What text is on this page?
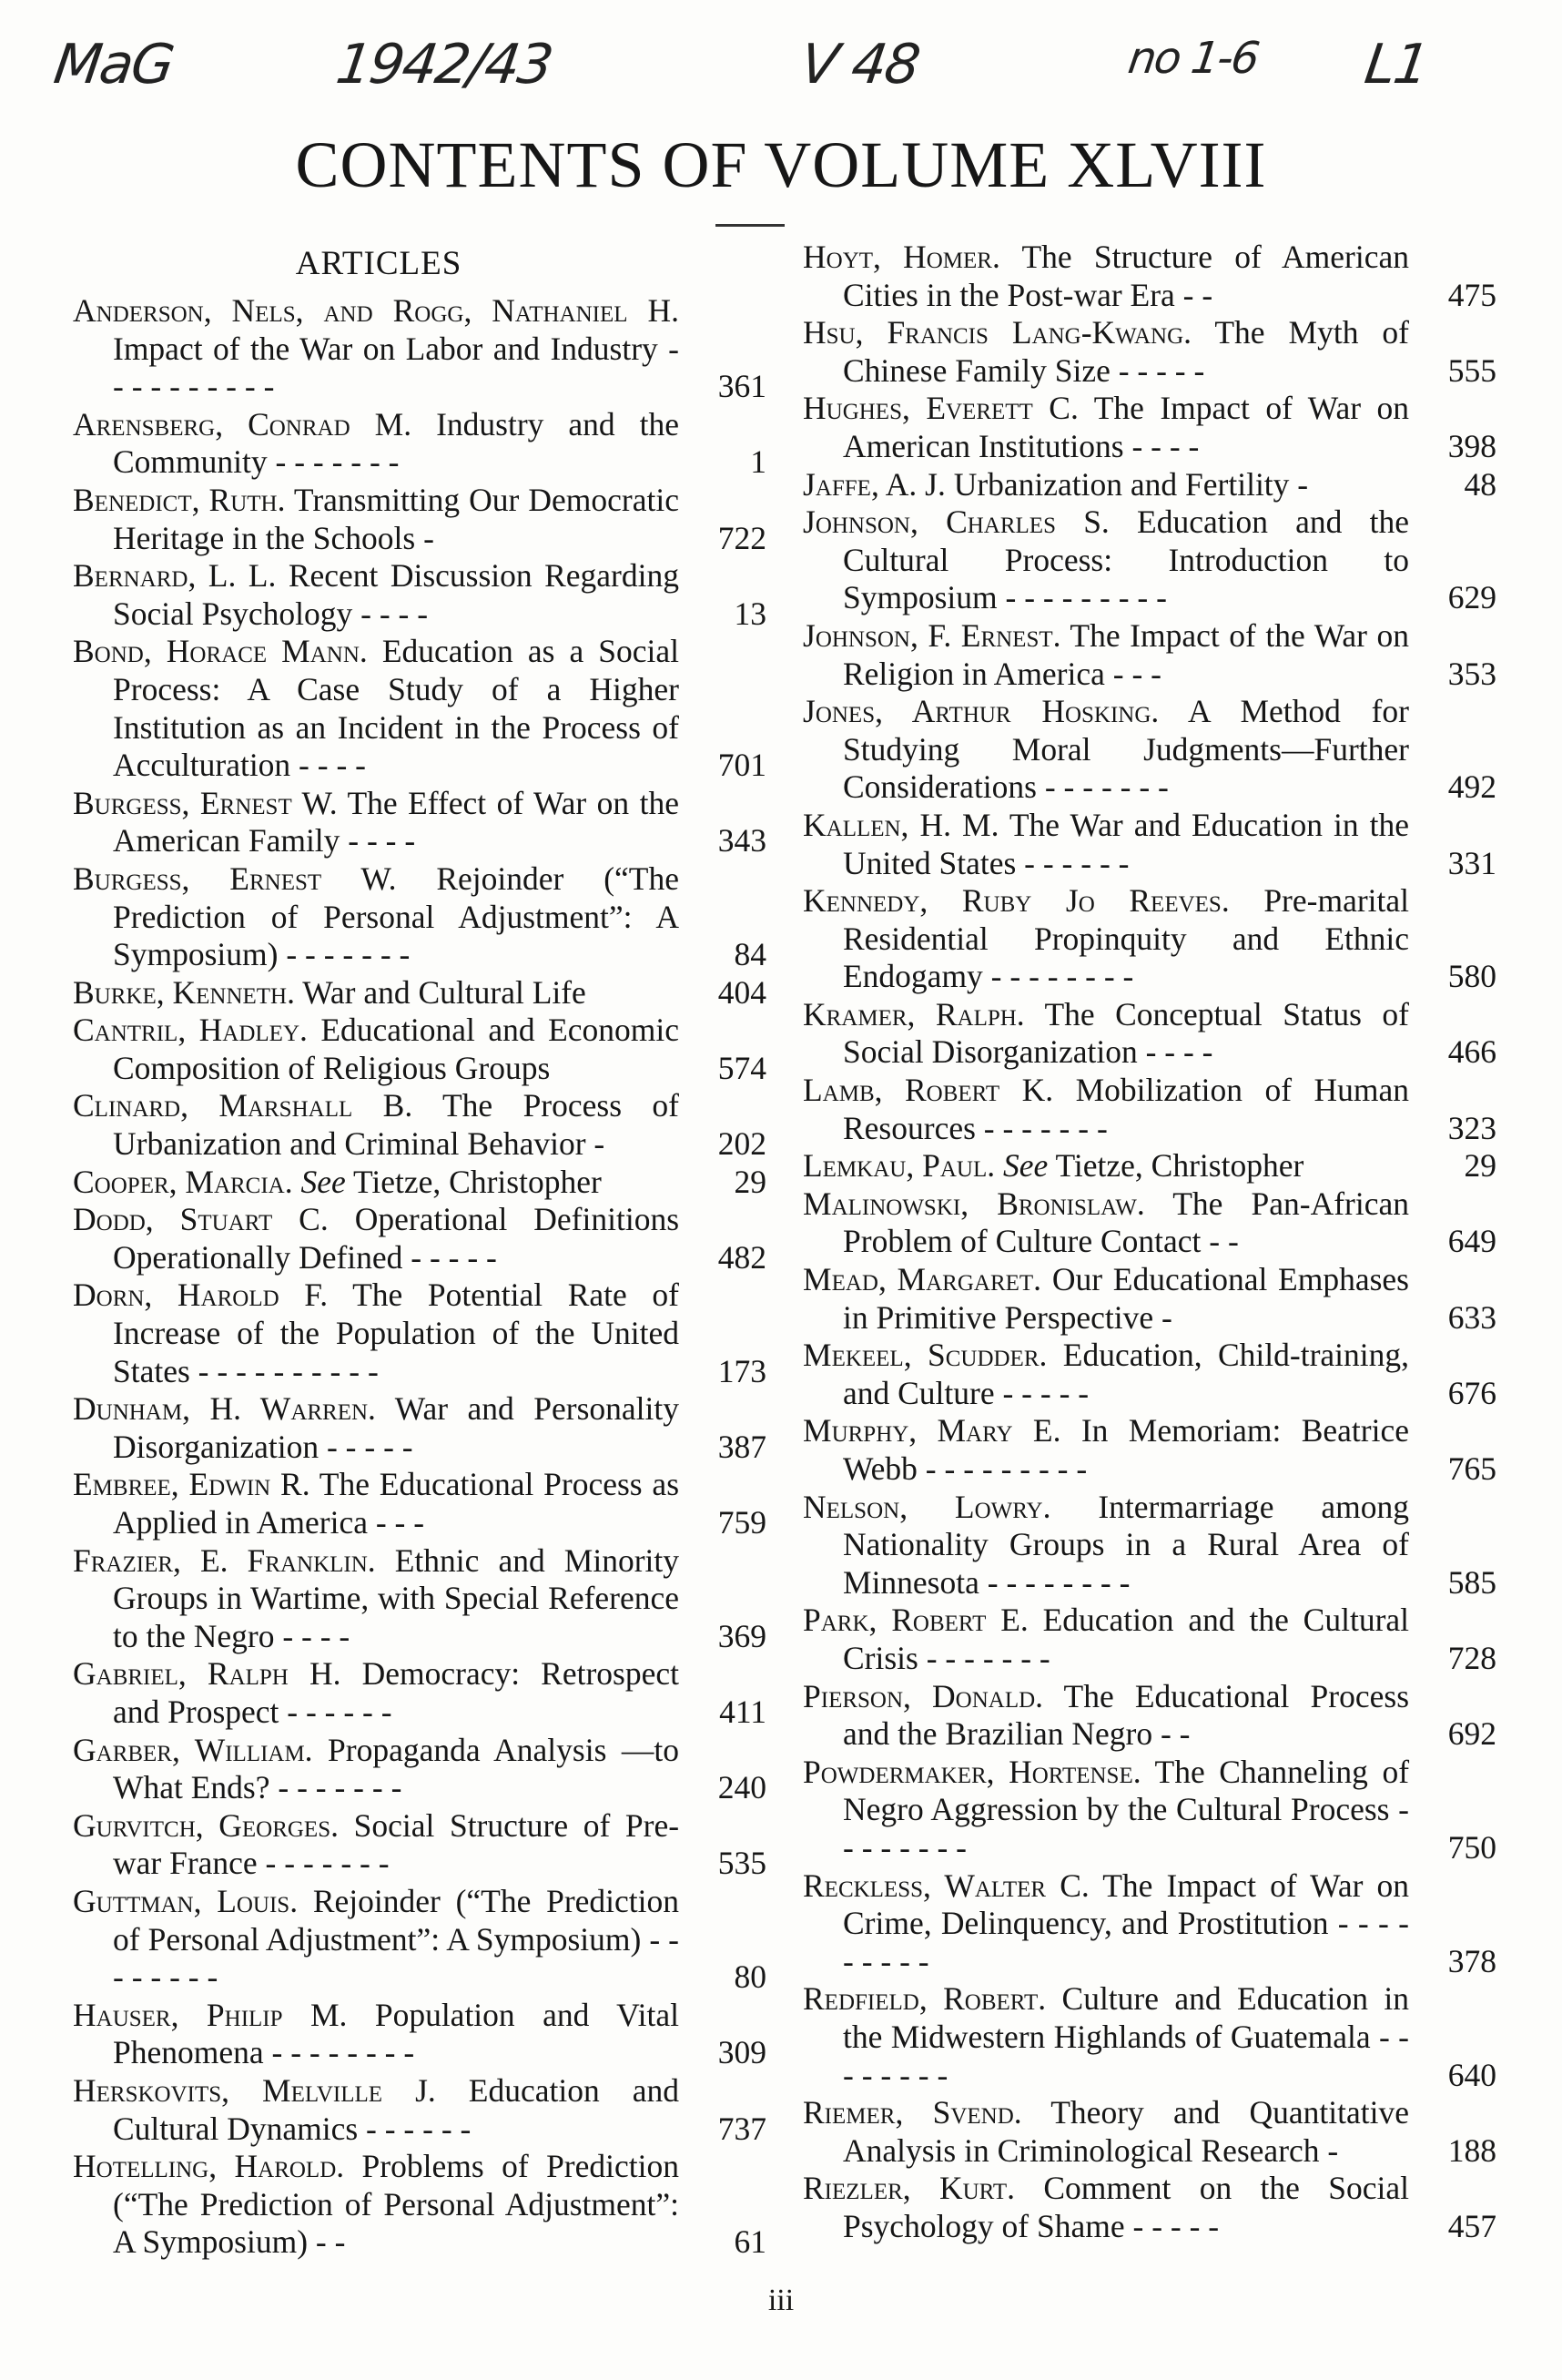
MaG	1942/43	V 48	no 1-6 L1
CONTENTS OF VOLUME XLVIII
ARTICLES
Anderson, Nels, and Rogg, Nathaniel H. Impact of the War on Labor and Industry - - - - - - - - - -	361
Arensberg, Conrad M. Industry and the Community - - - - - - -	1
Benedict, Ruth. Transmitting Our Democratic Heritage in the Schools -	722
Bernard, L. L. Recent Discussion Regarding Social Psychology - - - -	13
Bond, Horace Mann. Education as a Social Process: A Case Study of a Higher Institution as an Incident in the Process of Acculturation - - - -	701
Burgess, Ernest W. The Effect of War on the American Family - - - -	343
Burgess, Ernest W. Rejoinder (“The Prediction of Personal Adjustment”: A Symposium) - - - - - - -	84
Burke, Kenneth. War and Cultural Life	404
Cantril, Hadley. Educational and Economic Composition of Religious Groups	574
Clinard, Marshall B. The Process of Urbanization and Criminal Behavior -	202
Cooper, Marcia. See Tietze, Christopher	29
Dodd, Stuart C. Operational Definitions Operationally Defined - - - - -	482
Dorn, Harold F. The Potential Rate of Increase of the Population of the United States - - - - - - - - - -	173
Dunham, H. Warren. War and Personality Disorganization - - - - -	387
Embree, Edwin R. The Educational Process as Applied in America - - -	759
Frazier, E. Franklin. Ethnic and Minority Groups in Wartime, with Special Reference to the Negro - - - -	369
Gabriel, Ralph H. Democracy: Retrospect and Prospect - - - - - -	411
Garber, William. Propaganda Analysis —to What Ends? - - - - - - -	240
Gurvitch, Georges. Social Structure of Pre-war France - - - - - - -	535
Guttman, Louis. Rejoinder (“The Prediction of Personal Adjustment”: A Symposium) - - - - - - - -	80
Hauser, Philip M. Population and Vital Phenomena - - - - - - - -	309
Herskovits, Melville J. Education and Cultural Dynamics - - - - - -	737
Hotelling, Harold. Problems of Prediction (“The Prediction of Personal Adjustment”: A Symposium) - -	61
Hoyt, Homer. The Structure of American Cities in the Post-war Era - -	475
Hsu, Francis Lang-Kwang. The Myth of Chinese Family Size - - - - -	555
Hughes, Everett C. The Impact of War on American Institutions - - - -	398
Jaffe, A. J. Urbanization and Fertility -	48
Johnson, Charles S. Education and the Cultural Process: Introduction to Symposium - - - - - - - - -	629
Johnson, F. Ernest. The Impact of the War on Religion in America - - -	353
Jones, Arthur Hosking. A Method for Studying Moral Judgments—Further Considerations - - - - - - -	492
Kallen, H. M. The War and Education in the United States - - - - - -	331
Kennedy, Ruby Jo Reeves. Pre-marital Residential Propinquity and Ethnic Endogamy - - - - - - - -	580
Kramer, Ralph. The Conceptual Status of Social Disorganization - - - -	466
Lamb, Robert K. Mobilization of Human Resources - - - - - - -	323
Lemkau, Paul. See Tietze, Christopher	29
Malinowski, Bronislaw. The Pan-African Problem of Culture Contact - -	649
Mead, Margaret. Our Educational Emphases in Primitive Perspective -	633
Mekeel, Scudder. Education, Child-training, and Culture - - - - -	676
Murphy, Mary E. In Memoriam: Beatrice Webb - - - - - - - - -	765
Nelson, Lowry. Intermarriage among Nationality Groups in a Rural Area of Minnesota - - - - - - - -	585
Park, Robert E. Education and the Cultural Crisis - - - - - - -	728
Pierson, Donald. The Educational Process and the Brazilian Negro - -	692
Powdermaker, Hortense. The Channeling of Negro Aggression by the Cultural Process - - - - - - - -	750
Reckless, Walter C. The Impact of War on Crime, Delinquency, and Prostitution - - - - - - - - -	378
Redfield, Robert. Culture and Education in the Midwestern Highlands of Guatemala - - - - - - - -	640
Riemer, Svend. Theory and Quantitative Analysis in Criminological Research -	188
Riezler, Kurt. Comment on the Social Psychology of Shame - - - - -	457
iii
